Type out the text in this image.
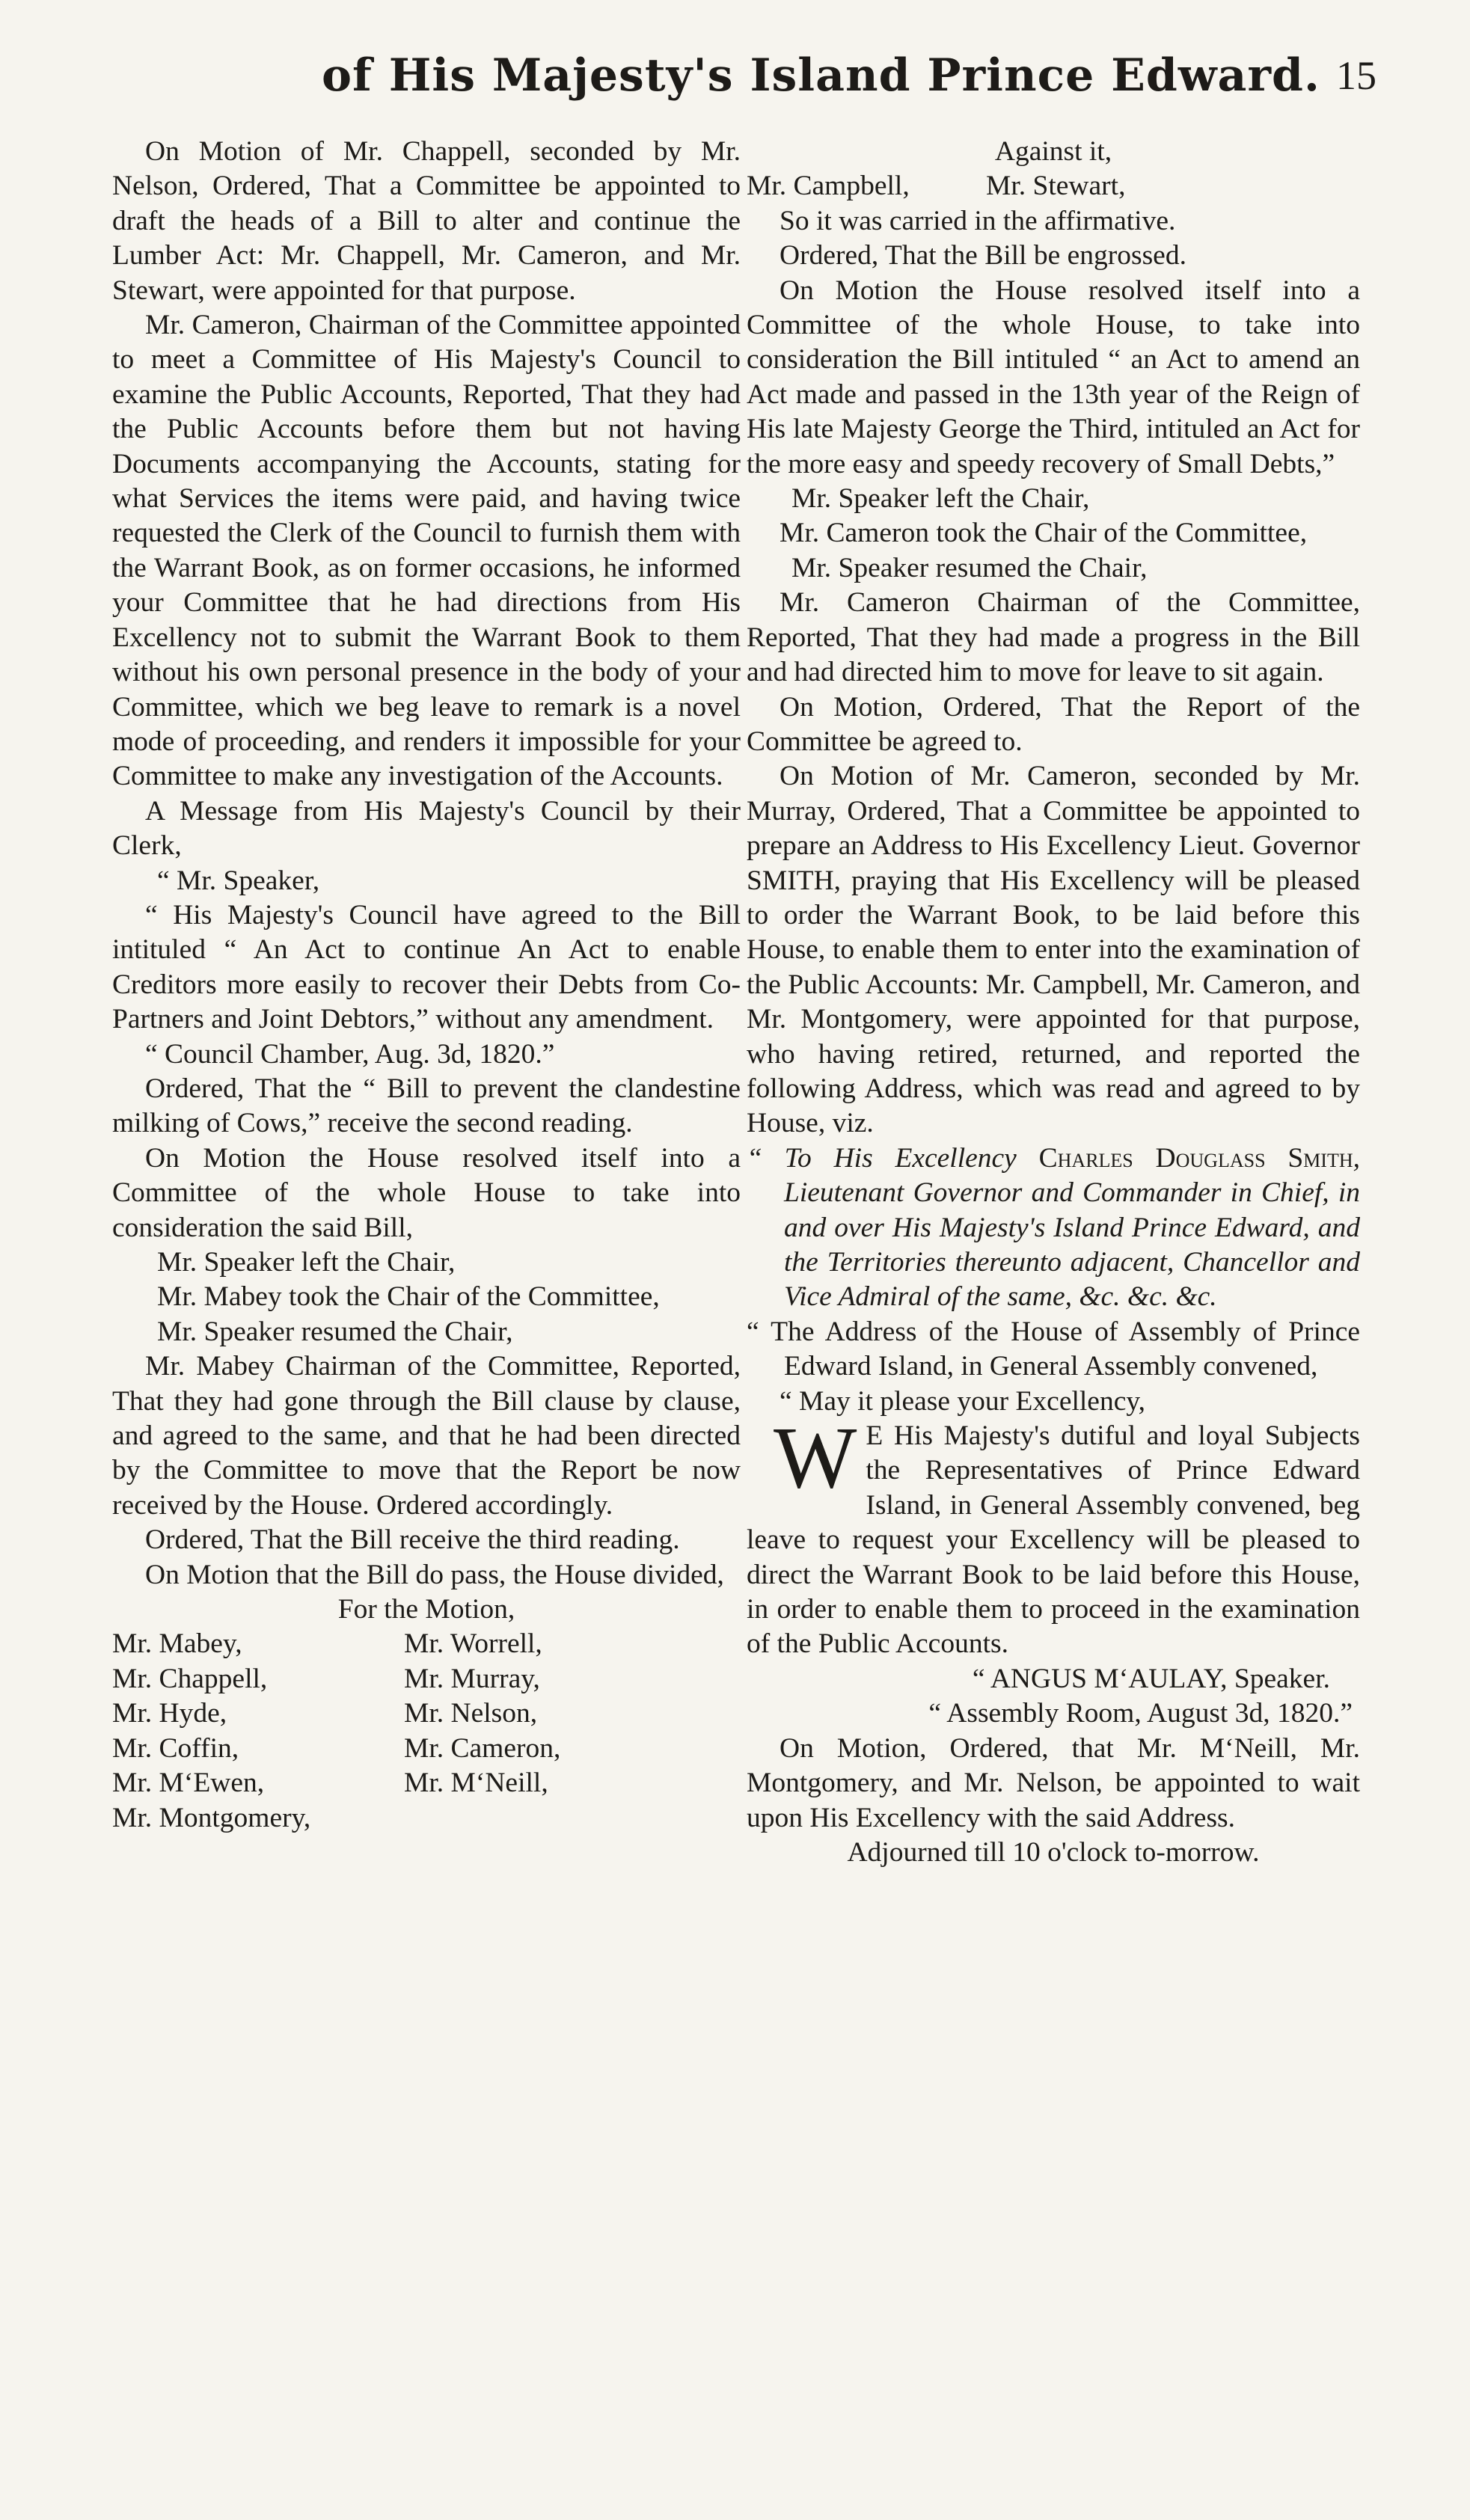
of His Majesty's Island Prince Edward. 15

On Motion of Mr. Chappell, seconded by Mr. Nelson, Ordered, That a Committee be appointed to draft the heads of a Bill to alter and continue the Lumber Act: Mr. Chappell, Mr. Cameron, and Mr. Stewart, were appointed for that purpose.

Mr. Cameron, Chairman of the Committee appointed to meet a Committee of His Majesty's Council to examine the Public Accounts, Reported, That they had the Public Accounts before them but not having Documents accompanying the Accounts, stating for what Services the items were paid, and having twice requested the Clerk of the Council to furnish them with the Warrant Book, as on former occasions, he informed your Committee that he had directions from His Excellency not to submit the Warrant Book to them without his own personal presence in the body of your Committee, which we beg leave to remark is a novel mode of proceeding, and renders it impossible for your Committee to make any investigation of the Accounts.

A Message from His Majesty's Council by their Clerk,

“ Mr. Speaker,

“ His Majesty's Council have agreed to the Bill intituled “ An Act to continue An Act to enable Creditors more easily to recover their Debts from Co-Partners and Joint Debtors,” without any amendment.

“ Council Chamber, Aug. 3d, 1820.”

Ordered, That the “ Bill to prevent the clandestine milking of Cows,” receive the second reading.

On Motion the House resolved itself into a Committee of the whole House to take into consideration the said Bill,

Mr. Speaker left the Chair,

Mr. Mabey took the Chair of the Committee,

Mr. Speaker resumed the Chair,

Mr. Mabey Chairman of the Committee, Reported, That they had gone through the Bill clause by clause, and agreed to the same, and that he had been directed by the Committee to move that the Report be now received by the House. Ordered accordingly.

Ordered, That the Bill receive the third reading.

On Motion that the Bill do pass, the House divided,

For the Motion,

Mr. Mabey,	Mr. Worrell,
Mr. Chappell,	Mr. Murray,
Mr. Hyde,	Mr. Nelson,
Mr. Coffin,	Mr. Cameron,
Mr. M‘Ewen,	Mr. M‘Neill,
Mr. Montgomery,

Against it,

Mr. Campbell,	Mr. Stewart,

So it was carried in the affirmative.

Ordered, That the Bill be engrossed.

On Motion the House resolved itself into a Committee of the whole House, to take into consideration the Bill intituled “ an Act to amend an Act made and passed in the 13th year of the Reign of His late Majesty George the Third, intituled an Act for the more easy and speedy recovery of Small Debts,”

Mr. Speaker left the Chair,

Mr. Cameron took the Chair of the Committee,

Mr. Speaker resumed the Chair,

Mr. Cameron Chairman of the Committee, Reported, That they had made a progress in the Bill and had directed him to move for leave to sit again.

On Motion, Ordered, That the Report of the Committee be agreed to.

On Motion of Mr. Cameron, seconded by Mr. Murray, Ordered, That a Committee be appointed to prepare an Address to His Excellency Lieut. Governor SMITH, praying that His Excellency will be pleased to order the Warrant Book, to be laid before this House, to enable them to enter into the examination of the Public Accounts: Mr. Campbell, Mr. Cameron, and Mr. Montgomery, were appointed for that purpose, who having retired, returned, and reported the following Address, which was read and agreed to by House, viz.

“ To His Excellency Charles Douglass Smith, Lieutenant Governor and Commander in Chief, in and over His Majesty's Island Prince Edward, and the Territories thereunto adjacent, Chancellor and Vice Admiral of the same, &c. &c. &c.

“ The Address of the House of Assembly of Prince Edward Island, in General Assembly convened,

“ May it please your Excellency,

W E His Majesty's dutiful and loyal Subjects the Representatives of Prince Edward Island, in General Assembly convened, beg leave to request your Excellency will be pleased to direct the Warrant Book to be laid before this House, in order to enable them to proceed in the examination of the Public Accounts.

“ ANGUS M‘AULAY, Speaker.

“ Assembly Room, August 3d, 1820.”

On Motion, Ordered, that Mr. M‘Neill, Mr. Montgomery, and Mr. Nelson, be appointed to wait upon His Excellency with the said Address.

Adjourned till 10 o'clock to-morrow.
